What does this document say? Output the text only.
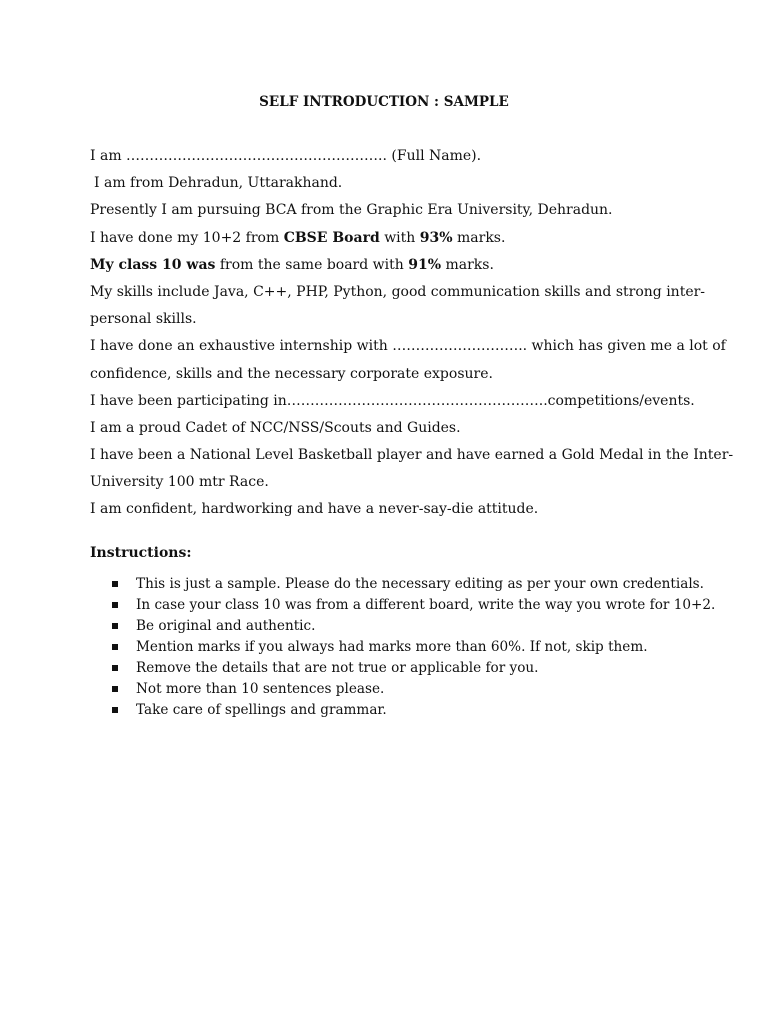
SELF INTRODUCTION : SAMPLE
I am ……………………………………………….. (Full Name).
I am from Dehradun, Uttarakhand.
Presently I am pursuing BCA from the Graphic Era University, Dehradun.
I have done my 10+2 from CBSE Board with 93% marks.
My class 10 was from the same board with 91% marks.
My skills include Java, C++, PHP, Python, good communication skills and strong inter-
personal skills.
I have done an exhaustive internship with ……………………….. which has given me a lot of
confidence, skills and the necessary corporate exposure.
I have been participating in………………………………………………..competitions/events.
I am a proud Cadet of NCC/NSS/Scouts and Guides.
I have been a National Level Basketball player and have earned a Gold Medal in the Inter-
University 100 mtr Race.
I am confident, hardworking and have a never-say-die attitude.
Instructions:
This is just a sample. Please do the necessary editing as per your own credentials.
In case your class 10 was from a different board, write the way you wrote for 10+2.
Be original and authentic.
Mention marks if you always had marks more than 60%. If not, skip them.
Remove the details that are not true or applicable for you.
Not more than 10 sentences please.
Take care of spellings and grammar.
